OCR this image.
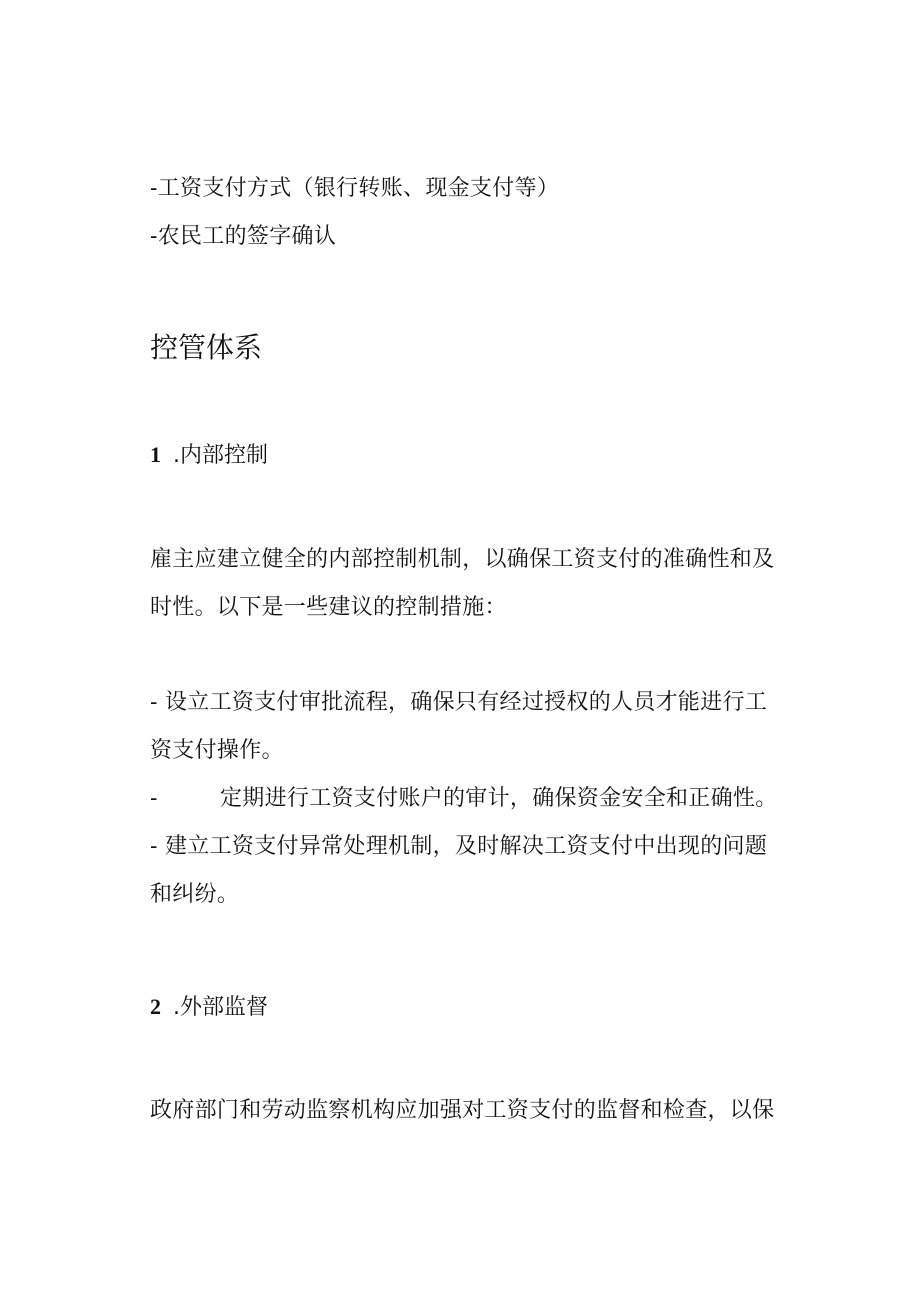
-工资支付方式（银行转账、现金支付等）
-农民工的签字确认
控管体系
1 .内部控制
雇主应建立健全的内部控制机制，以确保工资支付的准确性和及
时性。以下是一些建议的控制措施：
- 设立工资支付审批流程，确保只有经过授权的人员才能进行工
资支付操作。
-	定期进行工资支付账户的审计，确保资金安全和正确性。
- 建立工资支付异常处理机制，及时解决工资支付中出现的问题
和纠纷。
2 .外部监督
政府部门和劳动监察机构应加强对工资支付的监督和检查，以保
